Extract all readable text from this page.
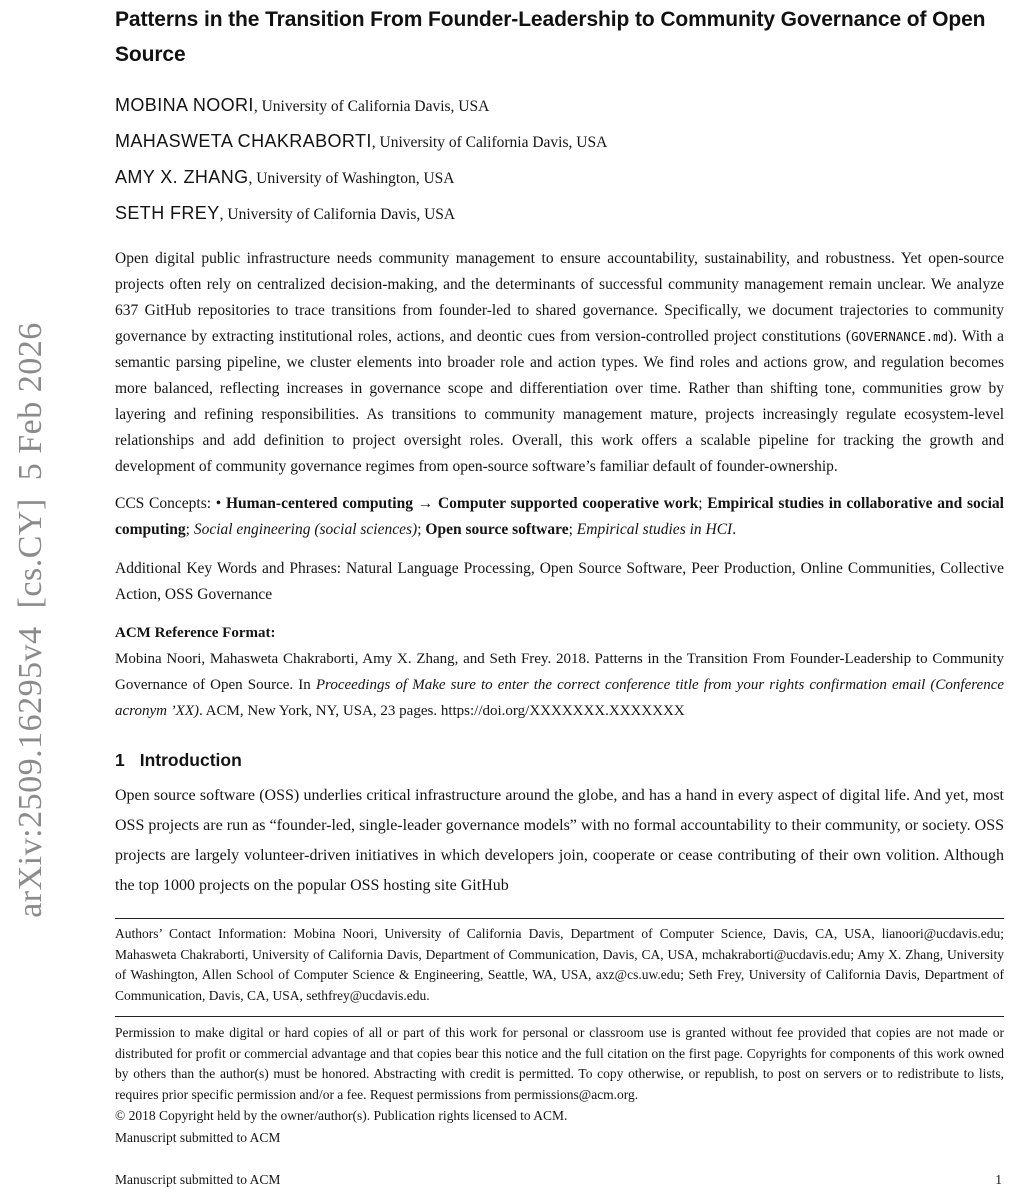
arXiv:2509.16295v4  [cs.CY]  5 Feb 2026
Patterns in the Transition From Founder-Leadership to Community Governance of Open Source
MOBINA NOORI, University of California Davis, USA
MAHASWETA CHAKRABORTI, University of California Davis, USA
AMY X. ZHANG, University of Washington, USA
SETH FREY, University of California Davis, USA

Open digital public infrastructure needs community management to ensure accountability, sustainability, and robustness. Yet open-source projects often rely on centralized decision-making, and the determinants of successful community management remain unclear. We analyze 637 GitHub repositories to trace transitions from founder-led to shared governance. Specifically, we document trajectories to community governance by extracting institutional roles, actions, and deontic cues from version-controlled project constitutions (GOVERNANCE.md). With a semantic parsing pipeline, we cluster elements into broader role and action types. We find roles and actions grow, and regulation becomes more balanced, reflecting increases in governance scope and differentiation over time. Rather than shifting tone, communities grow by layering and refining responsibilities. As transitions to community management mature, projects increasingly regulate ecosystem-level relationships and add definition to project oversight roles. Overall, this work offers a scalable pipeline for tracking the growth and development of community governance regimes from open-source software’s familiar default of founder-ownership.

CCS Concepts: • Human-centered computing → Computer supported cooperative work; Empirical studies in collaborative and social computing; Social engineering (social sciences); Open source software; Empirical studies in HCI.

Additional Key Words and Phrases: Natural Language Processing, Open Source Software, Peer Production, Online Communities, Collective Action, OSS Governance

ACM Reference Format:

Mobina Noori, Mahasweta Chakraborti, Amy X. Zhang, and Seth Frey. 2018. Patterns in the Transition From Founder-Leadership to Community Governance of Open Source. In Proceedings of Make sure to enter the correct conference title from your rights confirmation email (Conference acronym ’XX). ACM, New York, NY, USA, 23 pages. https://doi.org/XXXXXXX.XXXXXXX

1 Introduction

Open source software (OSS) underlies critical infrastructure around the globe, and has a hand in every aspect of digital life. And yet, most OSS projects are run as “founder-led, single-leader governance models” with no formal accountability to their community, or society. OSS projects are largely volunteer-driven initiatives in which developers join, cooperate or cease contributing of their own volition. Although the top 1000 projects on the popular OSS hosting site GitHub

Authors’ Contact Information: Mobina Noori, University of California Davis, Department of Computer Science, Davis, CA, USA, lianoori@ucdavis.edu; Mahasweta Chakraborti, University of California Davis, Department of Communication, Davis, CA, USA, mchakraborti@ucdavis.edu; Amy X. Zhang, University of Washington, Allen School of Computer Science & Engineering, Seattle, WA, USA, axz@cs.uw.edu; Seth Frey, University of California Davis, Department of Communication, Davis, CA, USA, sethfrey@ucdavis.edu.

Permission to make digital or hard copies of all or part of this work for personal or classroom use is granted without fee provided that copies are not made or distributed for profit or commercial advantage and that copies bear this notice and the full citation on the first page. Copyrights for components of this work owned by others than the author(s) must be honored. Abstracting with credit is permitted. To copy otherwise, or republish, to post on servers or to redistribute to lists, requires prior specific permission and/or a fee. Request permissions from permissions@acm.org.

© 2018 Copyright held by the owner/author(s). Publication rights licensed to ACM.

Manuscript submitted to ACM

Manuscript submitted to ACM	1
